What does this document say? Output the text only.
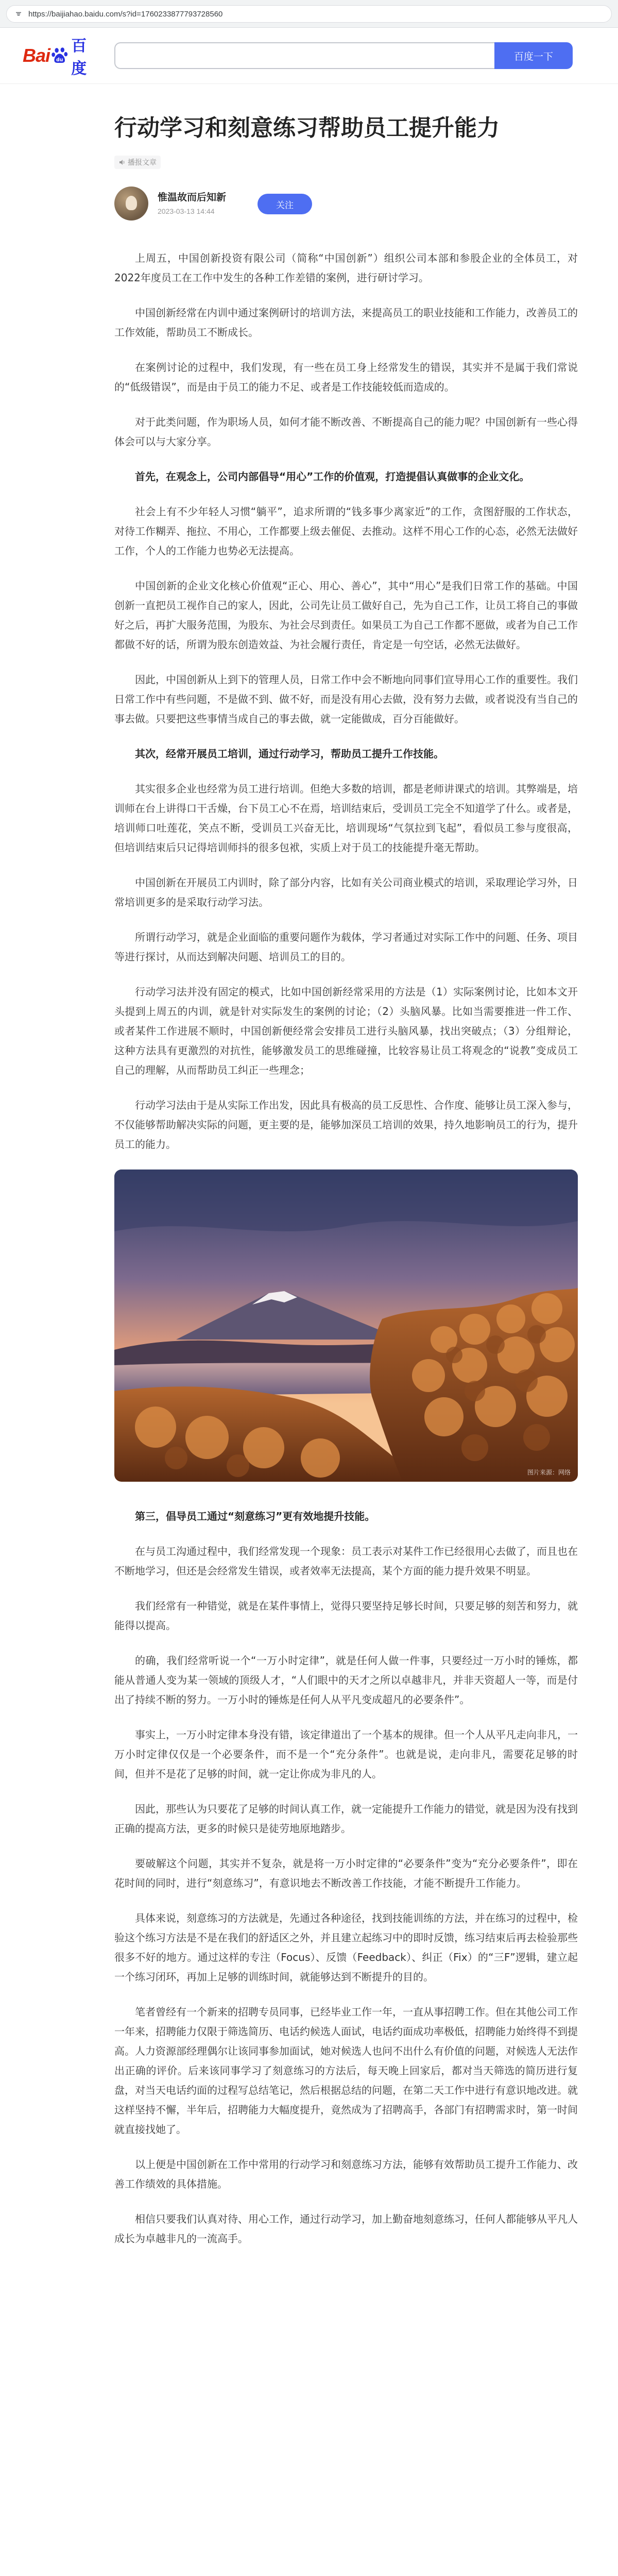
https://baijiahao.baidu.com/s?id=1760233877793728560
Bai du
百度
百度一下
行动学习和刻意练习帮助员工提升能力
播报文章
惟温故而后知新
2023-03-13 14:44
关注

上周五，中国创新投资有限公司（简称“中国创新”）组织公司本部和参股企业的全体员工，对2022年度员工在工作中发生的各种工作差错的案例，进行研讨学习。

中国创新经常在内训中通过案例研讨的培训方法，来提高员工的职业技能和工作能力，改善员工的工作效能，帮助员工不断成长。

在案例讨论的过程中，我们发现，有一些在员工身上经常发生的错误，其实并不是属于我们常说的“低级错误”，而是由于员工的能力不足、或者是工作技能较低而造成的。

对于此类问题，作为职场人员，如何才能不断改善、不断提高自己的能力呢？中国创新有一些心得体会可以与大家分享。

首先，在观念上，公司内部倡导“用心”工作的价值观，打造提倡认真做事的企业文化。

社会上有不少年轻人习惯“躺平”，追求所谓的“钱多事少离家近”的工作，贪图舒服的工作状态，对待工作糊弄、拖拉、不用心，工作都要上级去催促、去推动。这样不用心工作的心态，必然无法做好工作，个人的工作能力也势必无法提高。

中国创新的企业文化核心价值观“正心、用心、善心”，其中“用心”是我们日常工作的基础。中国创新一直把员工视作自己的家人，因此，公司先让员工做好自己，先为自己工作，让员工将自己的事做好之后，再扩大服务范围，为股东、为社会尽到责任。如果员工为自己工作都不愿做，或者为自己工作都做不好的话，所谓为股东创造效益、为社会履行责任，肯定是一句空话，必然无法做好。

因此，中国创新从上到下的管理人员，日常工作中会不断地向同事们宣导用心工作的重要性。我们日常工作中有些问题，不是做不到、做不好，而是没有用心去做，没有努力去做，或者说没有当自己的事去做。只要把这些事情当成自己的事去做，就一定能做成，百分百能做好。

其次，经常开展员工培训，通过行动学习，帮助员工提升工作技能。

其实很多企业也经常为员工进行培训。但绝大多数的培训，都是老师讲课式的培训。其弊端是，培训师在台上讲得口干舌燥，台下员工心不在焉，培训结束后，受训员工完全不知道学了什么。或者是，培训师口吐莲花，笑点不断，受训员工兴奋无比，培训现场“气氛拉到飞起”，看似员工参与度很高，但培训结束后只记得培训师抖的很多包袱，实质上对于员工的技能提升毫无帮助。

中国创新在开展员工内训时，除了部分内容，比如有关公司商业模式的培训，采取理论学习外，日常培训更多的是采取行动学习法。

所谓行动学习，就是企业面临的重要问题作为载体，学习者通过对实际工作中的问题、任务、项目等进行探讨，从而达到解决问题、培训员工的目的。

行动学习法并没有固定的模式，比如中国创新经常采用的方法是（1）实际案例讨论，比如本文开头提到上周五的内训，就是针对实际发生的案例的讨论；（2）头脑风暴。比如当需要推进一件工作、或者某件工作进展不顺时，中国创新便经常会安排员工进行头脑风暴，找出突破点；（3）分组辩论，这种方法具有更激烈的对抗性，能够激发员工的思维碰撞，比较容易让员工将观念的“说教”变成员工自己的理解，从而帮助员工纠正一些理念；

行动学习法由于是从实际工作出发，因此具有极高的员工反思性、合作度、能够让员工深入参与，不仅能够帮助解决实际的问题，更主要的是，能够加深员工培训的效果，持久地影响员工的行为，提升员工的能力。

图片来源：网络

第三，倡导员工通过“刻意练习”更有效地提升技能。

在与员工沟通过程中，我们经常发现一个现象：员工表示对某件工作已经很用心去做了，而且也在不断地学习，但还是会经常发生错误，或者效率无法提高，某个方面的能力提升效果不明显。

我们经常有一种错觉，就是在某件事情上，觉得只要坚持足够长时间，只要足够的刻苦和努力，就能得以提高。

的确，我们经常听说一个“一万小时定律”，就是任何人做一件事，只要经过一万小时的锤炼，都能从普通人变为某一领域的顶级人才，“人们眼中的天才之所以卓越非凡，并非天资超人一等，而是付出了持续不断的努力。一万小时的锤炼是任何人从平凡变成超凡的必要条件”。

事实上，一万小时定律本身没有错，该定律道出了一个基本的规律。但一个人从平凡走向非凡，一万小时定律仅仅是一个必要条件，而不是一个“充分条件”。也就是说，走向非凡，需要花足够的时间，但并不是花了足够的时间，就一定让你成为非凡的人。

因此，那些认为只要花了足够的时间认真工作，就一定能提升工作能力的错觉，就是因为没有找到正确的提高方法，更多的时候只是徒劳地原地踏步。

要破解这个问题，其实并不复杂，就是将一万小时定律的“必要条件”变为“充分必要条件”，即在花时间的同时，进行“刻意练习”，有意识地去不断改善工作技能，才能不断提升工作能力。

具体来说，刻意练习的方法就是，先通过各种途径，找到技能训练的方法，并在练习的过程中，检验这个练习方法是不是在我们的舒适区之外，并且建立起练习中的即时反馈，练习结束后再去检验那些很多不好的地方。通过这样的专注（Focus）、反馈（Feedback）、纠正（Fix）的“三F”逻辑，建立起一个练习闭环，再加上足够的训练时间，就能够达到不断提升的目的。

笔者曾经有一个新来的招聘专员同事，已经毕业工作一年，一直从事招聘工作。但在其他公司工作一年来，招聘能力仅限于筛选简历、电话约候选人面试，电话约面成功率极低，招聘能力始终得不到提高。人力资源部经理偶尔让该同事参加面试，她对候选人也问不出什么有价值的问题，对候选人无法作出正确的评价。后来该同事学习了刻意练习的方法后，每天晚上回家后，都对当天筛选的简历进行复盘，对当天电话约面的过程写总结笔记，然后根据总结的问题，在第二天工作中进行有意识地改进。就这样坚持不懈，半年后，招聘能力大幅度提升，竟然成为了招聘高手，各部门有招聘需求时，第一时间就直接找她了。

以上便是中国创新在工作中常用的行动学习和刻意练习方法，能够有效帮助员工提升工作能力、改善工作绩效的具体措施。

相信只要我们认真对待、用心工作，通过行动学习，加上勤奋地刻意练习，任何人都能够从平凡人成长为卓越非凡的一流高手。
